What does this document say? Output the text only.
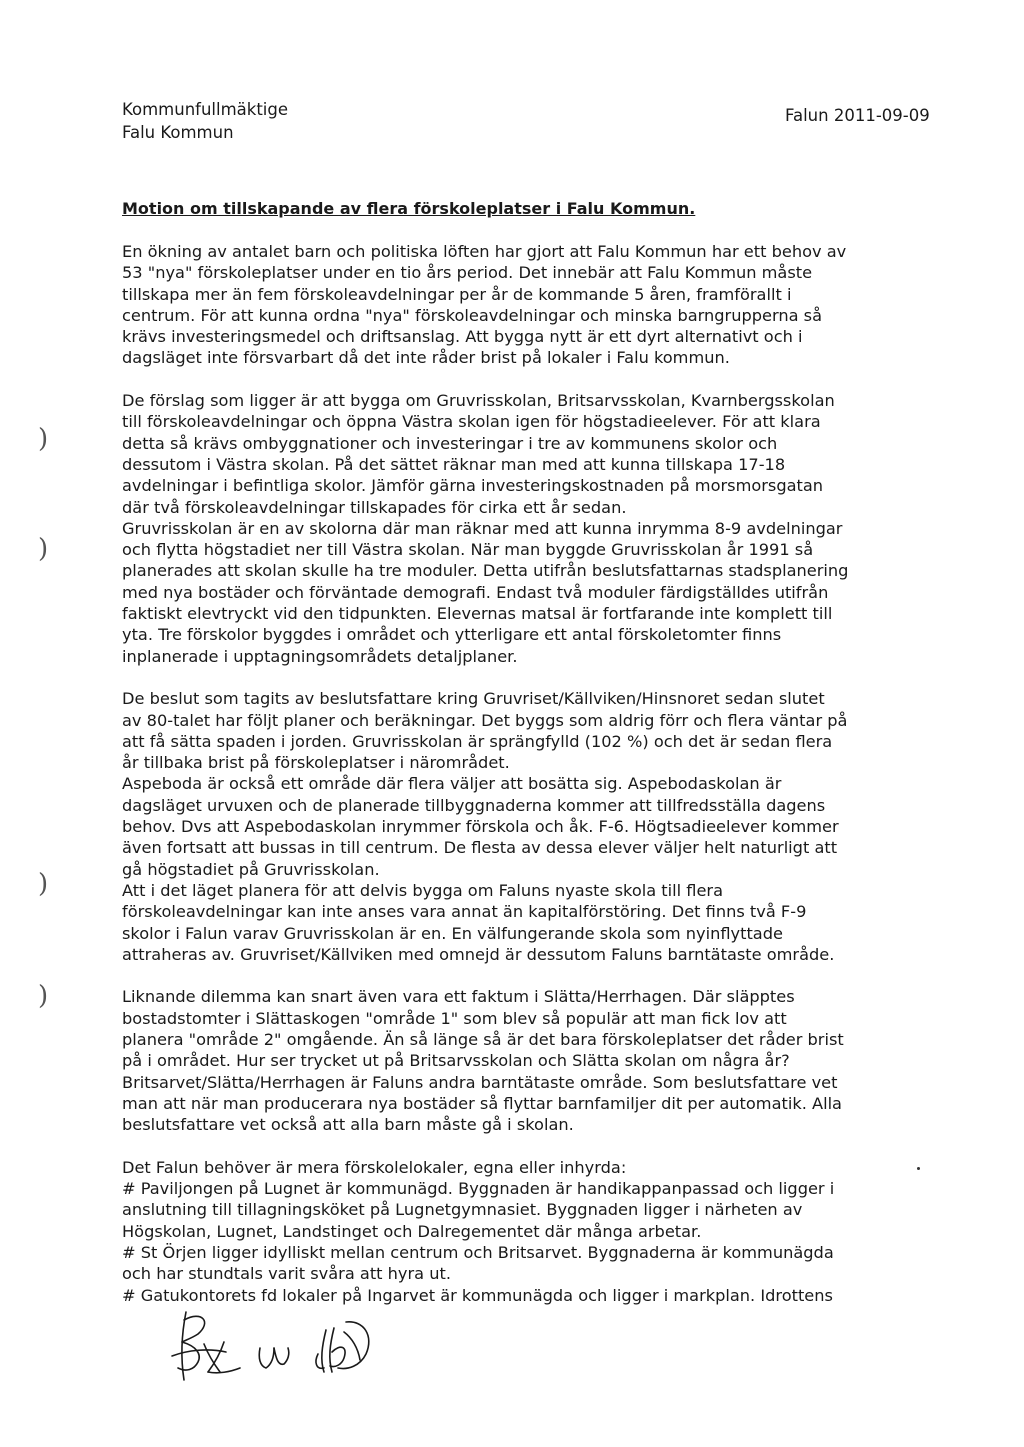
Kommunfullmäktige
Falu Kommun
Falun 2011-09-09
Motion om tillskapande av flera förskoleplatser i Falu Kommun.
En ökning av antalet barn och politiska löften har gjort att Falu Kommun har ett behov av
53 "nya" förskoleplatser under en tio års period. Det innebär att Falu Kommun måste
tillskapa mer än fem förskoleavdelningar per år de kommande 5 åren, framförallt i
centrum. För att kunna ordna "nya" förskoleavdelningar och minska barngrupperna så
krävs investeringsmedel och driftsanslag. Att bygga nytt är ett dyrt alternativt och i
dagsläget inte försvarbart då det inte råder brist på lokaler i Falu kommun.
De förslag som ligger är att bygga om Gruvrisskolan, Britsarvsskolan, Kvarnbergsskolan
till förskoleavdelningar och öppna Västra skolan igen för högstadieelever. För att klara
detta så krävs ombyggnationer och investeringar i tre av kommunens skolor och
dessutom i Västra skolan. På det sättet räknar man med att kunna tillskapa 17-18
avdelningar i befintliga skolor. Jämför gärna investeringskostnaden på morsmorsgatan
där två förskoleavdelningar tillskapades för cirka ett år sedan.
Gruvrisskolan är en av skolorna där man räknar med att kunna inrymma 8-9 avdelningar
och flytta högstadiet ner till Västra skolan. När man byggde Gruvrisskolan år 1991 så
planerades att skolan skulle ha tre moduler. Detta utifrån beslutsfattarnas stadsplanering
med nya bostäder och förväntade demografi. Endast två moduler färdigställdes utifrån
faktiskt elevtryckt vid den tidpunkten. Elevernas matsal är fortfarande inte komplett till
yta. Tre förskolor byggdes i området och ytterligare ett antal förskoletomter finns
inplanerade i upptagningsområdets detaljplaner.
De beslut som tagits av beslutsfattare kring Gruvriset/Källviken/Hinsnoret sedan slutet
av 80-talet har följt planer och beräkningar. Det byggs som aldrig förr och flera väntar på
att få sätta spaden i jorden. Gruvrisskolan är sprängfylld (102 %) och det är sedan flera
år tillbaka brist på förskoleplatser i närområdet.
Aspeboda är också ett område där flera väljer att bosätta sig. Aspebodaskolan är
dagsläget urvuxen och de planerade tillbyggnaderna kommer att tillfredsställa dagens
behov. Dvs att Aspebodaskolan inrymmer förskola och åk. F-6. Högtsadieelever kommer
även fortsatt att bussas in till centrum. De flesta av dessa elever väljer helt naturligt att
gå högstadiet på Gruvrisskolan.
Att i det läget planera för att delvis bygga om Faluns nyaste skola till flera
förskoleavdelningar kan inte anses vara annat än kapitalförstöring. Det finns två F-9
skolor i Falun varav Gruvrisskolan är en. En välfungerande skola som nyinflyttade
attraheras av. Gruvriset/Källviken med omnejd är dessutom Faluns barntätaste område.
Liknande dilemma kan snart även vara ett faktum i Slätta/Herrhagen. Där släpptes
bostadstomter i Slättaskogen "område 1" som blev så populär att man fick lov att
planera "område 2" omgående. Än så länge så är det bara förskoleplatser det råder brist
på i området. Hur ser trycket ut på Britsarvsskolan och Slätta skolan om några år?
Britsarvet/Slätta/Herrhagen är Faluns andra barntätaste område. Som beslutsfattare vet
man att när man producerara nya bostäder så flyttar barnfamiljer dit per automatik. Alla
beslutsfattare vet också att alla barn måste gå i skolan.
Det Falun behöver är mera förskolelokaler, egna eller inhyrda:
# Paviljongen på Lugnet är kommunägd. Byggnaden är handikappanpassad och ligger i
anslutning till tillagningsköket på Lugnetgymnasiet. Byggnaden ligger i närheten av
Högskolan, Lugnet, Landstinget och Dalregementet där många arbetar.
# St Örjen ligger idylliskt mellan centrum och Britsarvet. Byggnaderna är kommunägda
och har stundtals varit svåra att hyra ut.
# Gatukontorets fd lokaler på Ingarvet är kommunägda och ligger i markplan. Idrottens
)
)
)
)
